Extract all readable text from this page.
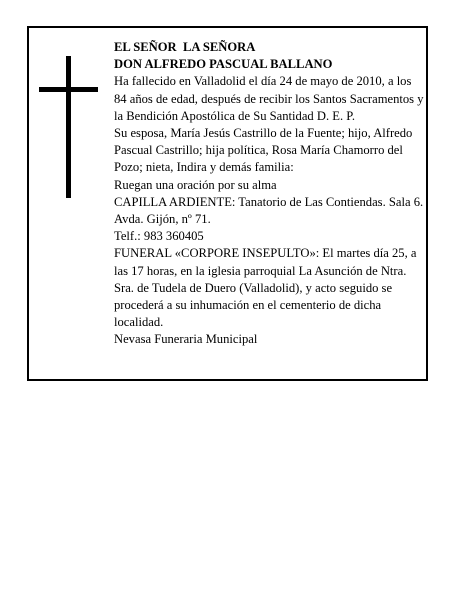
EL SEÑOR  LA SEÑORA

DON ALFREDO PASCUAL BALLANO

Ha fallecido en Valladolid el día 24 de mayo de 2010, a los 84 años de edad, después de recibir los Santos Sacramentos y la Bendición Apostólica de Su Santidad D. E. P.

Su esposa, María Jesús Castrillo de la Fuente; hijo, Alfredo Pascual Castrillo; hija política, Rosa María Chamorro del Pozo; nieta, Indira y demás familia:

Ruegan una oración por su alma

CAPILLA ARDIENTE: Tanatorio de Las Contiendas. Sala 6. Avda. Gijón, nº 71.

Telf.: 983 360405

FUNERAL «CORPORE INSEPULTO»: El martes día 25, a las 17 horas, en la iglesia parroquial La Asunción de Ntra. Sra. de Tudela de Duero (Valladolid), y acto seguido se procederá a su inhumación en el cementerio de dicha localidad.

Nevasa Funeraria Municipal
